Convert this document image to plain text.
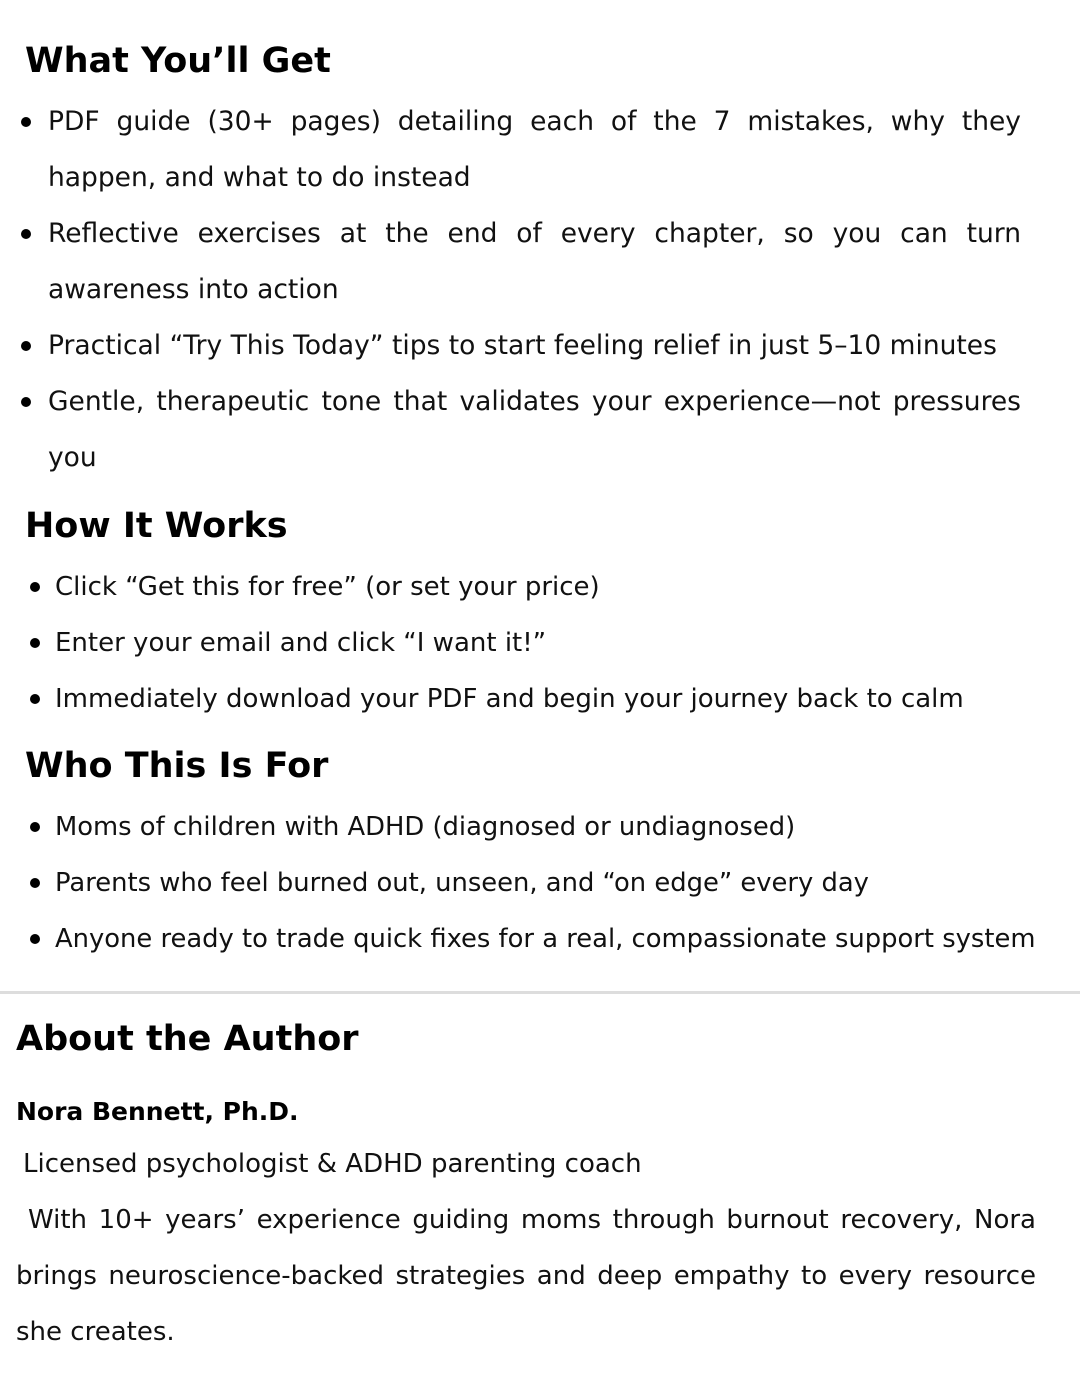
What You’ll Get
PDF guide (30+ pages) detailing each of the 7 mistakes, why they happen, and what to do instead
Reflective exercises at the end of every chapter, so you can turn awareness into action
Practical “Try This Today” tips to start feeling relief in just 5–10 minutes
Gentle, therapeutic tone that validates your experience—not pressures you
How It Works
Click “Get this for free” (or set your price)
Enter your email and click “I want it!”
Immediately download your PDF and begin your journey back to calm
Who This Is For
Moms of children with ADHD (diagnosed or undiagnosed)
Parents who feel burned out, unseen, and “on edge” every day
Anyone ready to trade quick fixes for a real, compassionate support system
About the Author
Nora Bennett, Ph.D.
Licensed psychologist & ADHD parenting coach
With 10+ years’ experience guiding moms through burnout recovery, Nora brings neuroscience-backed strategies and deep empathy to every resource she creates.
